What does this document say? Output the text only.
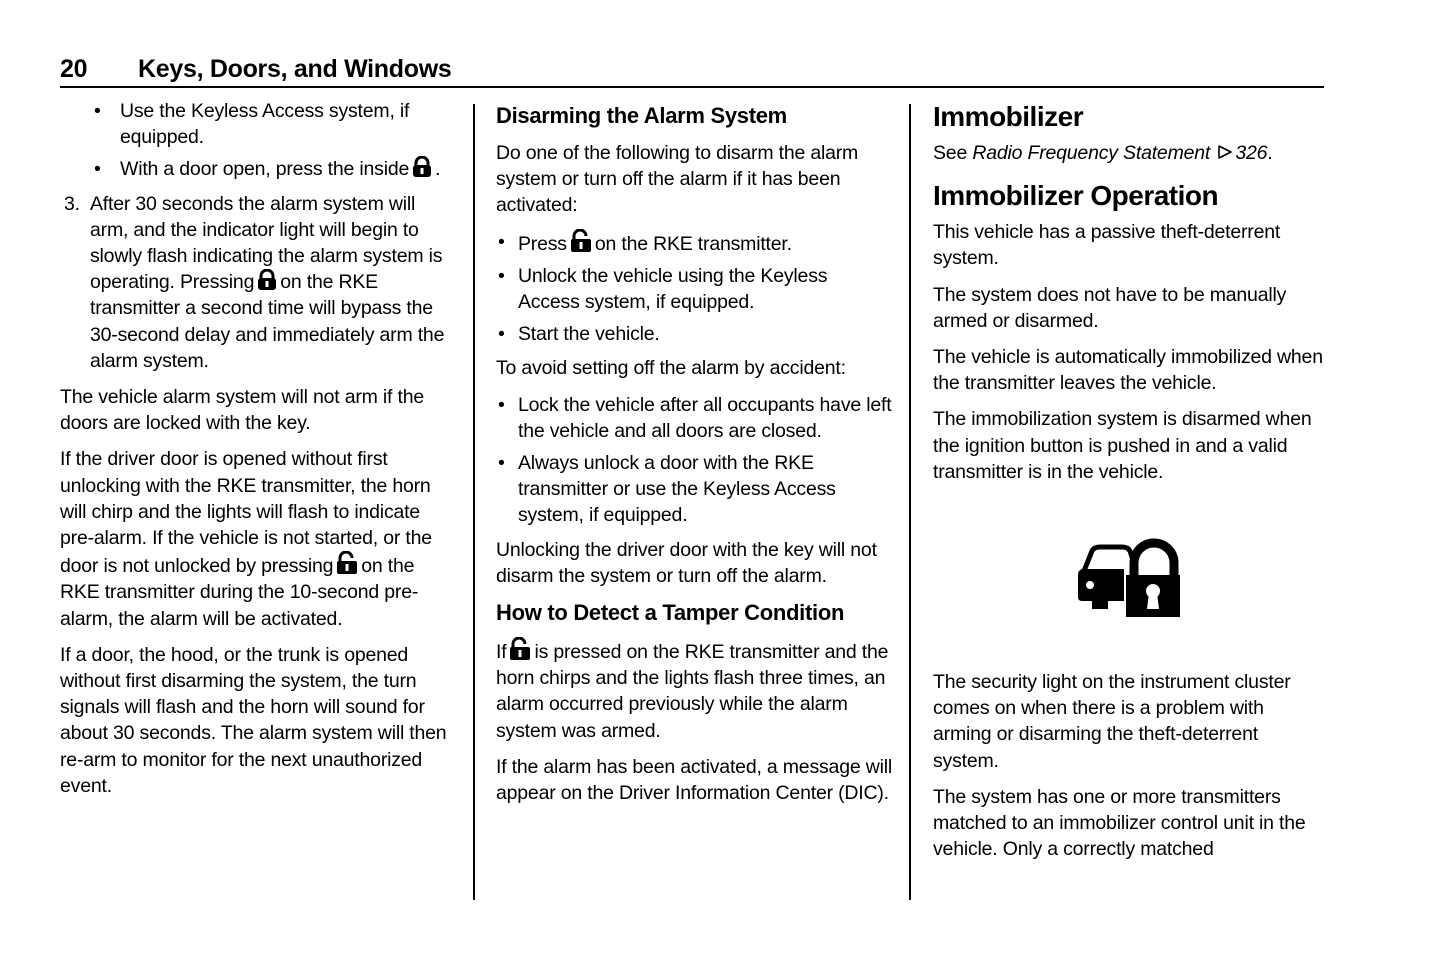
20 Keys, Doors, and Windows
• Use the Keyless Access system, if equipped.
• With a door open, press the inside .
3. After 30 seconds the alarm system will arm, and the indicator light will begin to slowly flash indicating the alarm system is operating. Pressing on the RKE transmitter a second time will bypass the 30-second delay and immediately arm the alarm system.

The vehicle alarm system will not arm if the doors are locked with the key.

If the driver door is opened without first unlocking with the RKE transmitter, the horn will chirp and the lights will flash to indicate pre-alarm. If the vehicle is not started, or the door is not unlocked by pressing on the RKE transmitter during the 10-second pre-alarm, the alarm will be activated.

If a door, the hood, or the trunk is opened without first disarming the system, the turn signals will flash and the horn will sound for about 30 seconds. The alarm system will then re-arm to monitor for the next unauthorized event.

Disarming the Alarm System

Do one of the following to disarm the alarm system or turn off the alarm if it has been activated:

• Press on the RKE transmitter.
• Unlock the vehicle using the Keyless Access system, if equipped.
• Start the vehicle.

To avoid setting off the alarm by accident:

• Lock the vehicle after all occupants have left the vehicle and all doors are closed.
• Always unlock a door with the RKE transmitter or use the Keyless Access system, if equipped.

Unlocking the driver door with the key will not disarm the system or turn off the alarm.

How to Detect a Tamper Condition

If is pressed on the RKE transmitter and the horn chirps and the lights flash three times, an alarm occurred previously while the alarm system was armed.

If the alarm has been activated, a message will appear on the Driver Information Center (DIC).

Immobilizer

See Radio Frequency Statement 326.

Immobilizer Operation

This vehicle has a passive theft-deterrent system.

The system does not have to be manually armed or disarmed.

The vehicle is automatically immobilized when the transmitter leaves the vehicle.

The immobilization system is disarmed when the ignition button is pushed in and a valid transmitter is in the vehicle.

The security light on the instrument cluster comes on when there is a problem with arming or disarming the theft-deterrent system.

The system has one or more transmitters matched to an immobilizer control unit in the vehicle. Only a correctly matched
